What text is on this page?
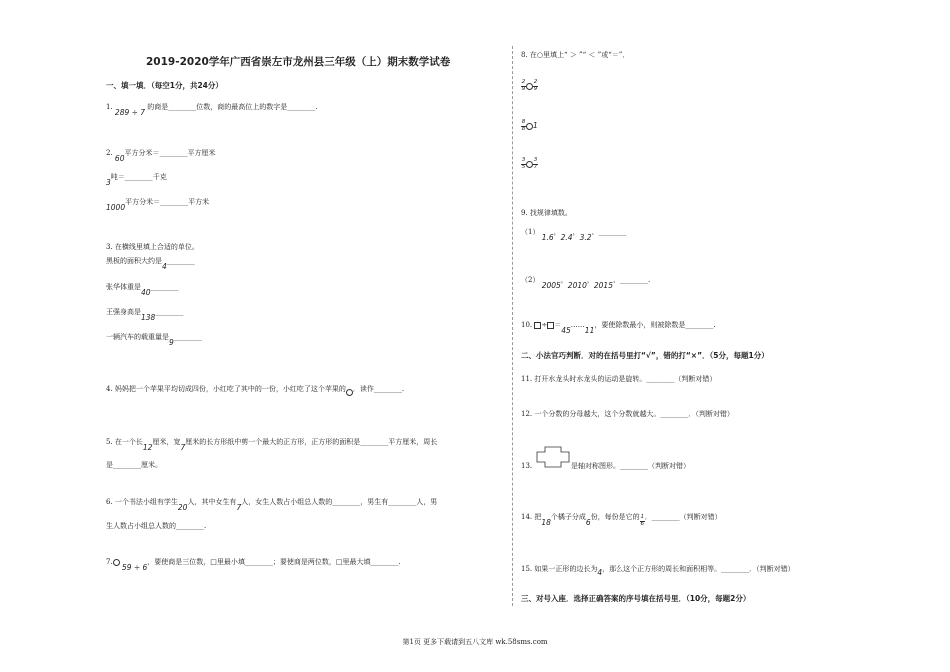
2019-2020学年广西省崇左市龙州县三年级（上）期末数学试卷
一、填一填．（每空1分，共24分）
1. 289 ÷ 7 的商是________位数，商的最高位上的数字是________.
2. 60平方分米＝________平方厘米
3吨＝________千克
1000平方分米＝________平方米
3. 在横线里填上合适的单位。
黑板的面积大约是4________
张华体重是40________
王强身高是138________
一辆汽车的载重量是9________
4. 妈妈把一个苹果平均切成四份，小红吃了其中的一份，小红吃了这个苹果的 ．读作________.
5. 在一个长12厘米，宽7厘米的长方形纸中剪一个最大的正方形，正方形的面积是________平方厘米，周长
是________厘米。
6. 一个书法小组有学生20人，其中女生有7人，女生人数占小组总人数的________，男生有________人，男
生人数占小组总人数的________.
7. 59 ÷ 6，要使商是三位数，□里最小填________；要使商是两位数，□里最大填________.
8. 在○里填上“ ＞ ”“ ＜ ”或“＝”．
$\frac{2}{9} \frac{2}{9}$
$\frac{8}{8} 1$
$\frac{3}{5} \frac{3}{7}$
9. 找规律填数。
（1） 1.6，2.4，3.2、________
（2） 2005，2010，2015、________.
10. ÷ ＝45……11，要使除数最小，则被除数是________.
二、小法官巧判断．对的在括号里打“√”，错的打“×”．（5分，每题1分）
11. 打开水龙头时水龙头的运动是旋转。________（判断对错）
12. 一个分数的分母越大，这个分数就越大。________．（判断对错）
13.	是轴对称图形。________（判断对错）
14. 把18个橘子分成6份，每份是它的 $\frac{1}{6}$ ．________（判断对错）
15. 如果一正形的边长为4，那么这个正方形的周长和面积相等。________．（判断对错）
三、对号入座．选择正确答案的序号填在括号里．（10分，每题2分）
第1页 更多下载请到五八文库 wk.58sms.com
